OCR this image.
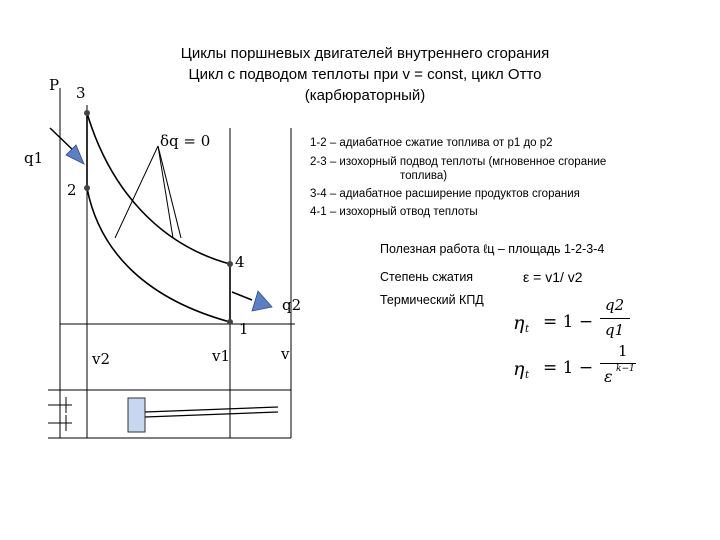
Циклы поршневых двигателей внутреннего сгорания
Цикл с подводом теплоты при v = const, цикл Отто
(карбюраторный)
P 3
q1
2
δq = 0
4
q2
1
v2	v1	v
1-2 – адиабатное сжатие топлива от p1 до p2
2-3 – изохорный подвод теплоты (мгновенное сгорание
топлива)
3-4 – адиабатное расширение продуктов сгорания
4-1 – изохорный отвод теплоты
Полезная работа ℓц – площадь 1-2-3-4
Степень сжатия	ε = v1/ v2
Термический КПД
η t = 1 −
q2
q1
η t = 1 −
1
ε k−1
